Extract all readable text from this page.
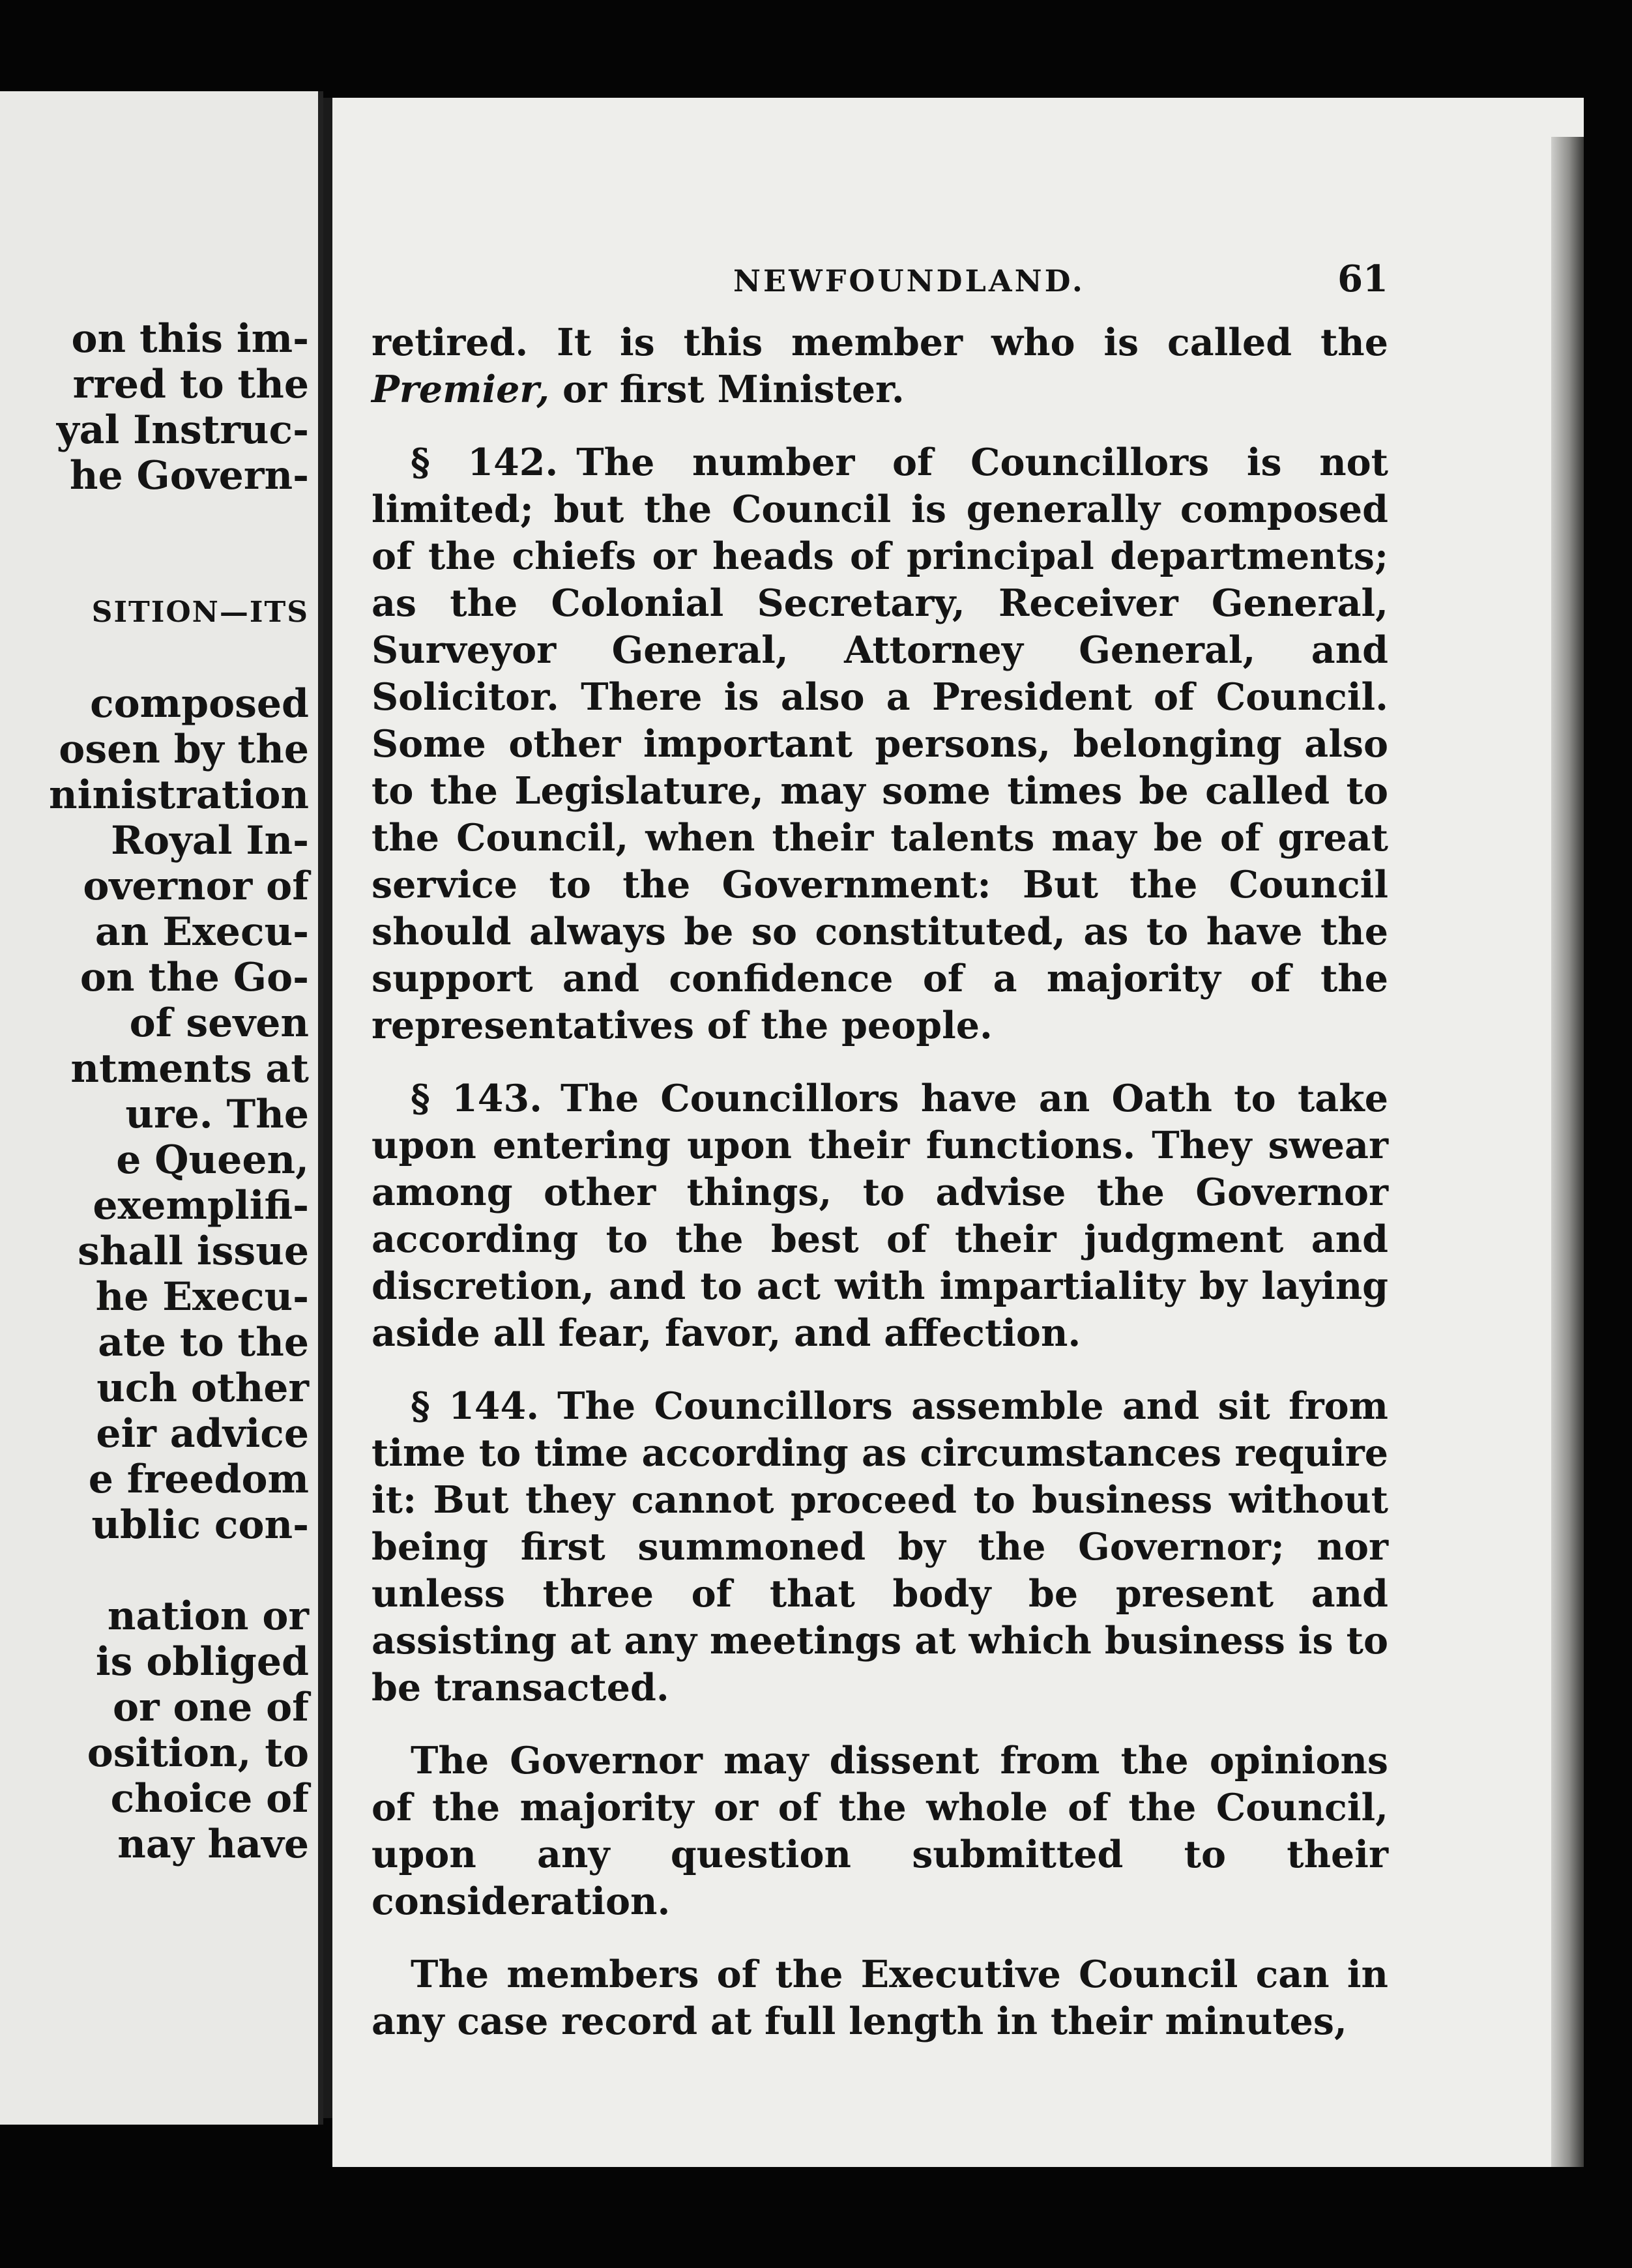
on this im-
rred to the
yal Instruc-
he Govern-
SITION—ITS
composed
osen by the
ninistration
Royal In-
overnor of
an Execu-
on the Go-
of seven
ntments at
ure. The
e Queen,
exemplifi-
shall issue
he Execu-
ate to the
uch other
eir advice
e freedom
ublic con-
nation or
is obliged
or one of
osition, to
choice of
nay have
NEWFOUNDLAND.	61

retired. It is this member who is called the Premier, or first Minister.

§ 142. The number of Councillors is not limited; but the Council is generally composed of the chiefs or heads of principal departments; as the Colonial Secretary, Receiver General, Surveyor General, Attorney General, and Solicitor. There is also a President of Council. Some other important persons, belonging also to the Legislature, may some times be called to the Council, when their talents may be of great service to the Government: But the Council should always be so constituted, as to have the support and confidence of a majority of the representatives of the people.

§ 143. The Councillors have an Oath to take upon entering upon their functions. They swear among other things, to advise the Governor according to the best of their judgment and discretion, and to act with impartiality by laying aside all fear, favor, and affection.

§ 144. The Councillors assemble and sit from time to time according as circumstances require it: But they cannot proceed to business without being first summoned by the Governor; nor unless three of that body be present and assisting at any meetings at which business is to be transacted.

The Governor may dissent from the opinions of the majority or of the whole of the Council, upon any question submitted to their consideration.

The members of the Executive Council can in any case record at full length in their minutes,
